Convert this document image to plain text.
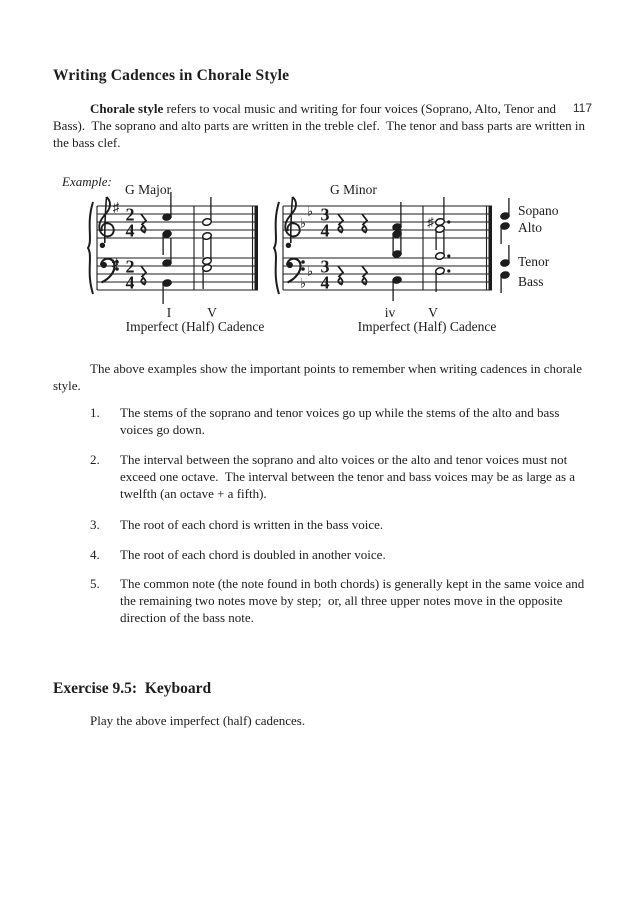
117
Writing Cadences in Chorale Style

Chorale style refers to vocal music and writing for four voices (Soprano, Alto, Tenor and Bass).  The soprano and alto parts are written in the treble clef.  The tenor and bass parts are written in the bass clef.

Example:
♯
♯
2
4
2
4
G Major
I	V
Imperfect (Half) Cadence
♭
♭
♭
♭
3
4
3
4
♯
G Minor
iv V
Imperfect (Half) Cadence
Sopano
Alto
Tenor
Bass

The above examples show the important points to remember when writing cadences in chorale style.

1.	The stems of the soprano and tenor voices go up while the stems of the alto and bass voices go down.
2.	The interval between the soprano and alto voices or the alto and tenor voices must not exceed one octave.  The interval between the tenor and bass voices may be as large as a twelfth (an octave + a fifth).
3.	The root of each chord is written in the bass voice.
4.	The root of each chord is doubled in another voice.
5.	The common note (the note found in both chords) is generally kept in the same voice and the remaining two notes move by step;  or, all three upper notes move in the opposite direction of the bass note.
Exercise 9.5:  Keyboard

Play the above imperfect (half) cadences.
